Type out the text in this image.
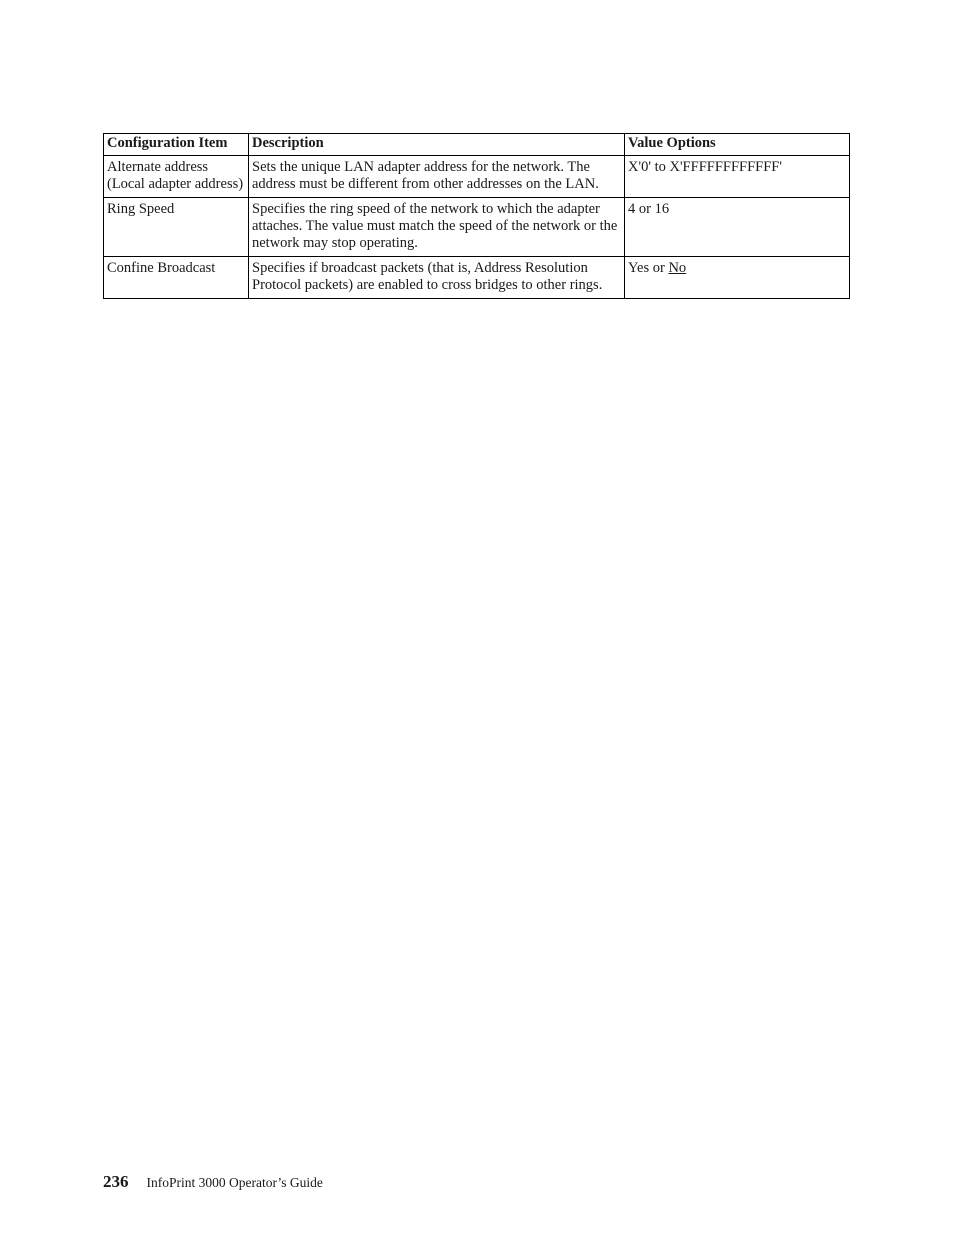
Configuration Item	Description	Value Options
Alternate address (Local adapter address)	Sets the unique LAN adapter address for the network. The address must be different from other addresses on the LAN.	X'0' to X'FFFFFFFFFFFF'
Ring Speed	Specifies the ring speed of the network to which the adapter attaches. The value must match the speed of the network or the network may stop operating.	4 or 16
Confine Broadcast	Specifies if broadcast packets (that is, Address Resolution Protocol packets) are enabled to cross bridges to other rings.	Yes or No
236 InfoPrint 3000 Operator’s Guide
